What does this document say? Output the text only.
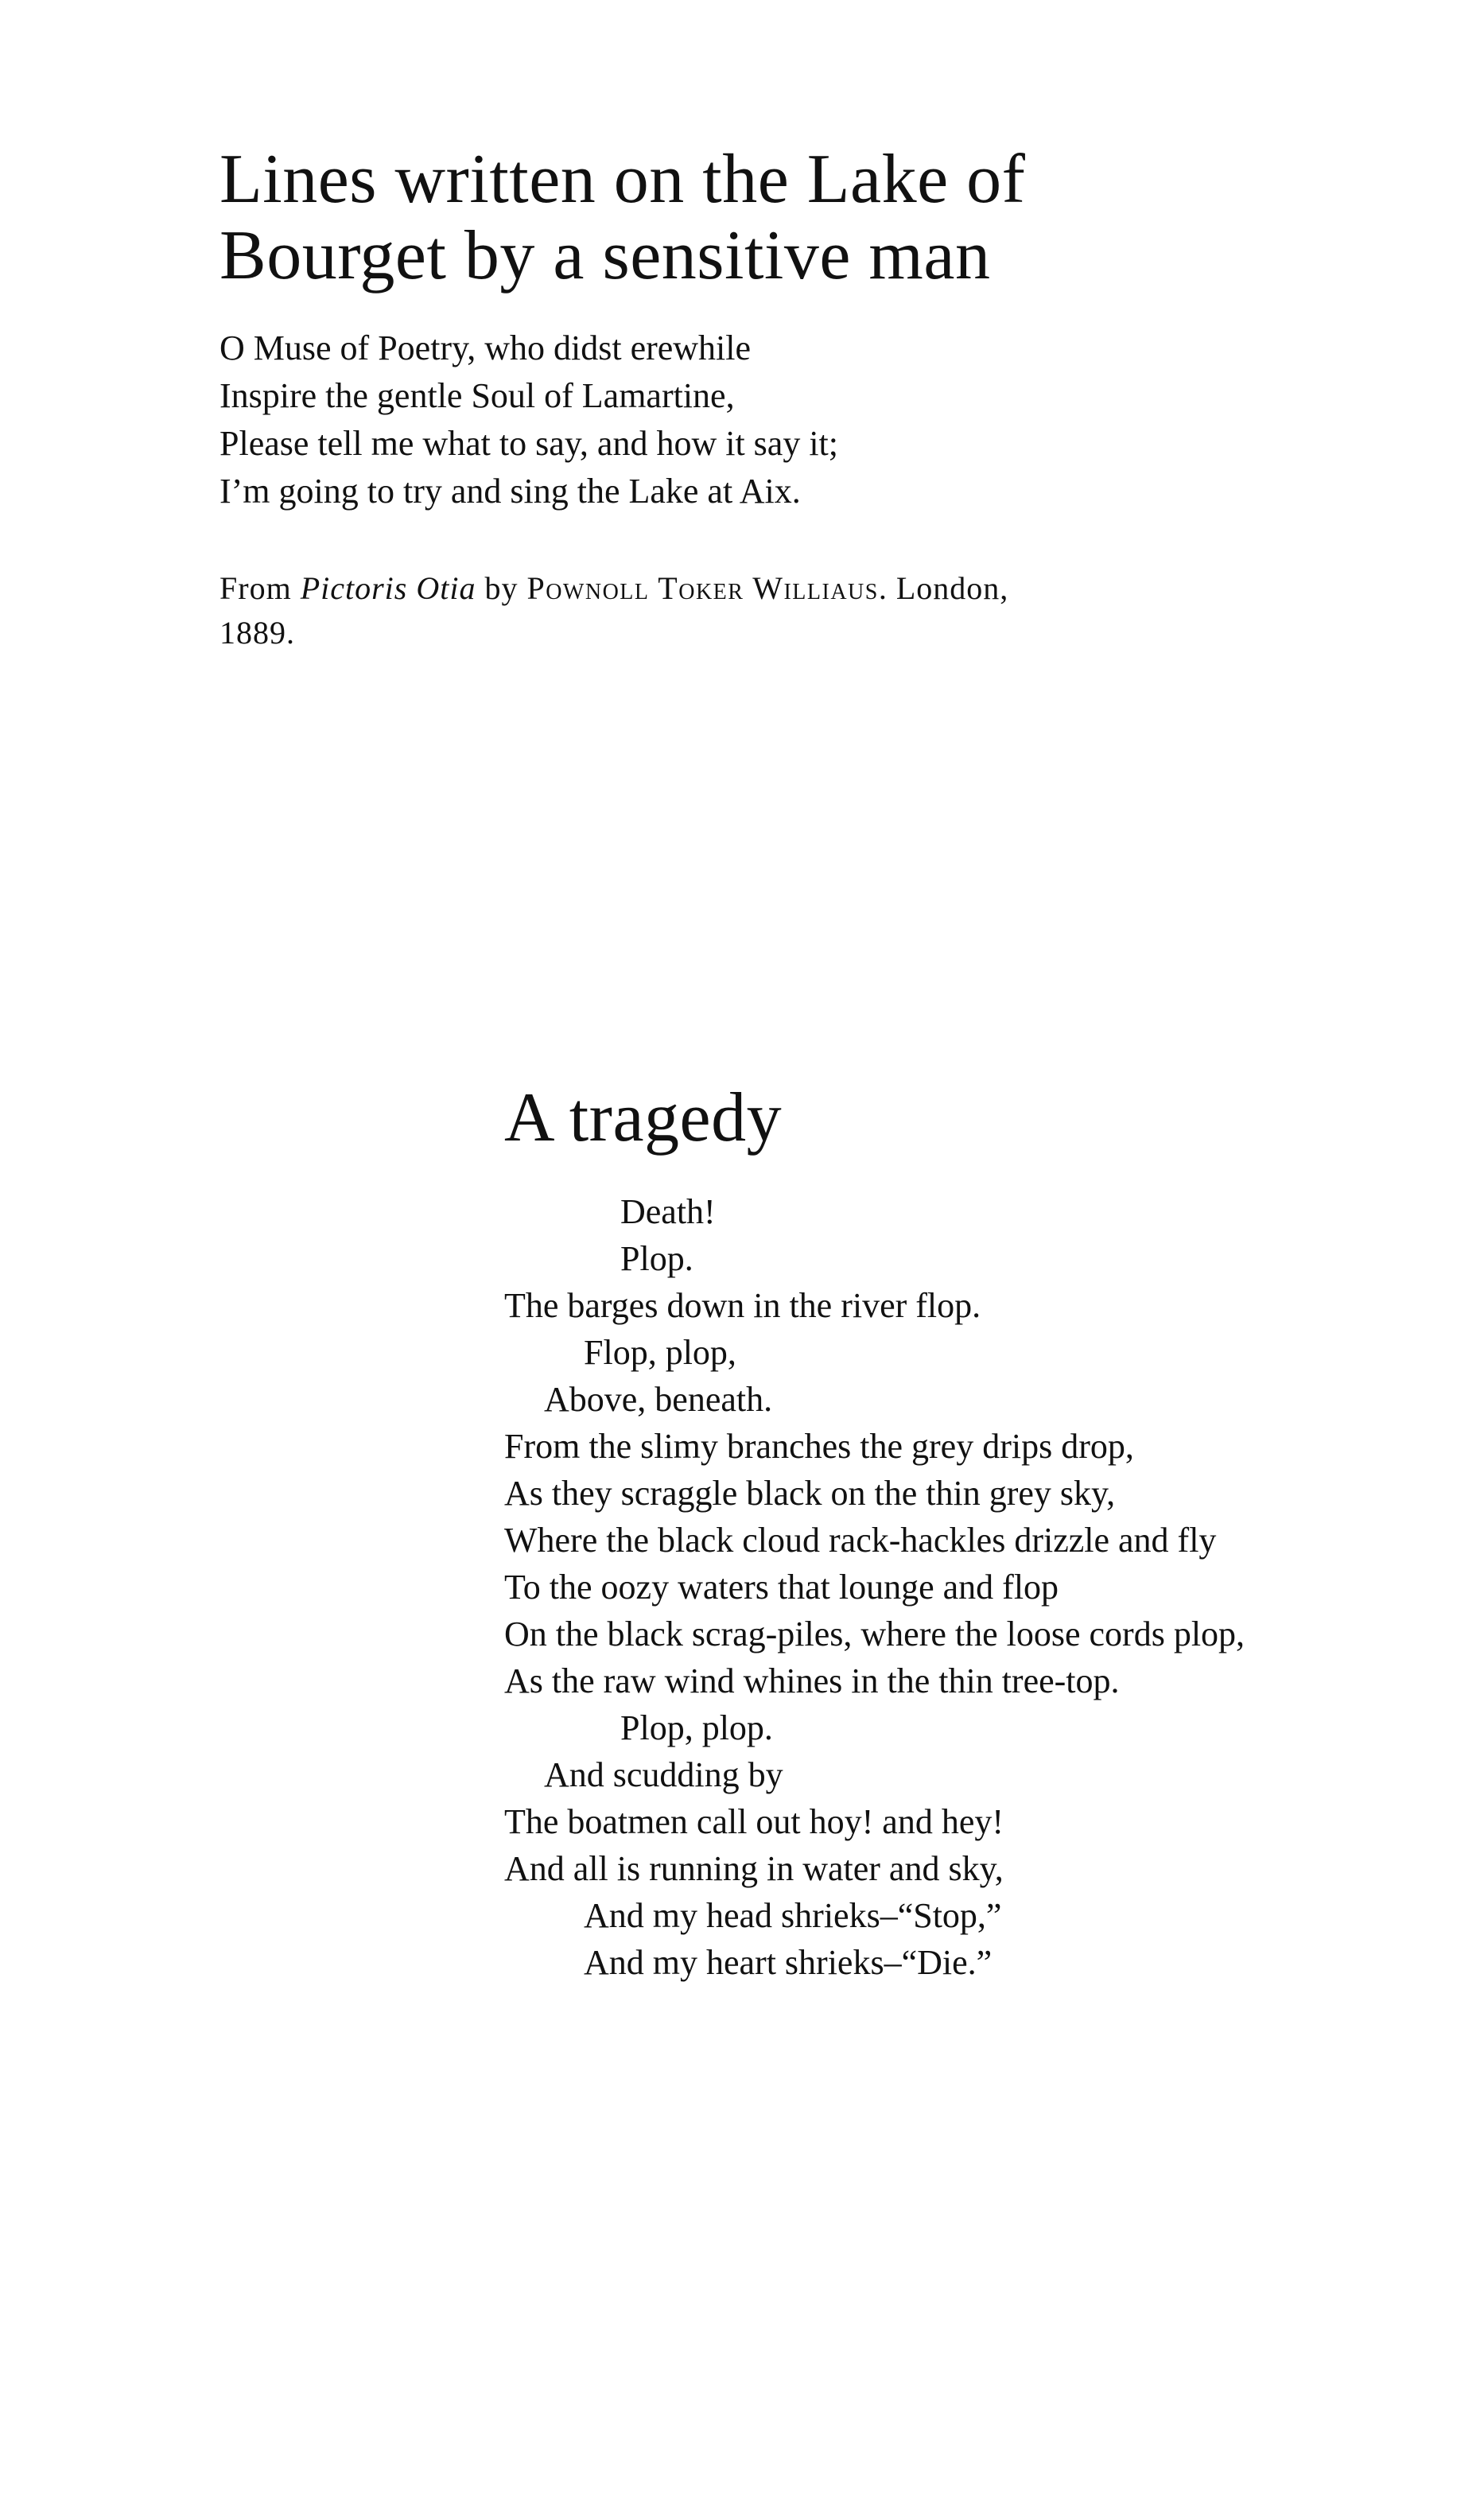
Lines written on the Lake of
Bourget by a sensitive man
O Muse of Poetry, who didst erewhile
Inspire the gentle Soul of Lamartine,
Please tell me what to say, and how it say it;
I’m going to try and sing the Lake at Aix.

From Pictoris Otia by Pownoll Toker Williaus. London, 1889.

A tragedy
Death!
Plop.
The barges down in the river flop.
Flop, plop,
Above, beneath.
From the slimy branches the grey drips drop,
As they scraggle black on the thin grey sky,
Where the black cloud rack-hackles drizzle and fly
To the oozy waters that lounge and flop
On the black scrag-piles, where the loose cords plop,
As the raw wind whines in the thin tree-top.
Plop, plop.
And scudding by
The boatmen call out hoy! and hey!
And all is running in water and sky,
And my head shrieks–“Stop,”
And my heart shrieks–“Die.”
